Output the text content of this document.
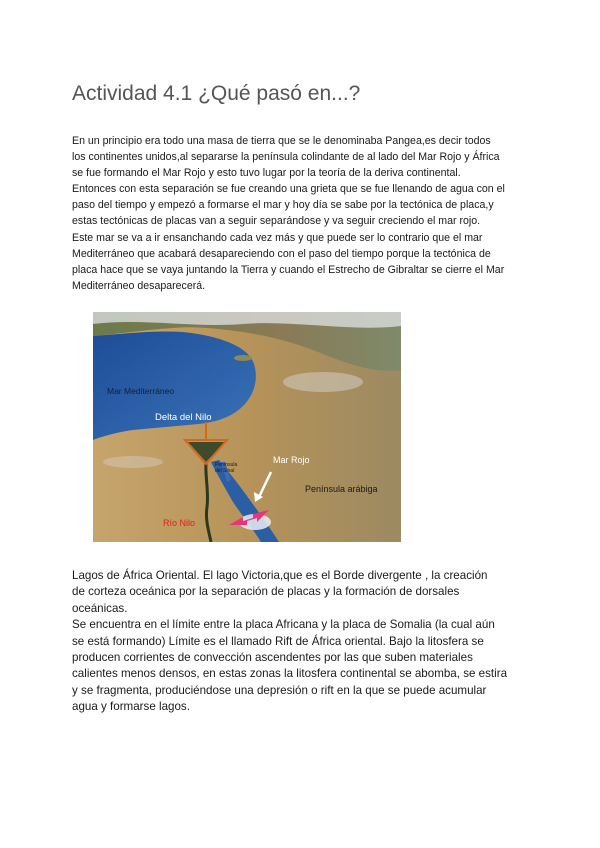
Actividad 4.1 ¿Qué pasó en...?
En un principio era todo una masa de tierra que se le denominaba Pangea,es decir todos
los continentes unidos,al separarse la península colindante de al lado del Mar Rojo y África
se fue formando el Mar Rojo y esto tuvo lugar por la teoría de la deriva continental.
Entonces con esta separación se fue creando una grieta que se fue llenando de agua con el
paso del tiempo y empezó a formarse el mar y hoy día se sabe por la tectónica de placa,y
estas tectónicas de placas van a seguir separándose y va seguir creciendo el mar rojo.
Este mar se va a ir ensanchando cada vez más y que puede ser lo contrario que el mar
Mediterráneo que acabará desapareciendo con el paso del tiempo porque la tectónica de
placa hace que se vaya juntando la Tierra y cuando el Estrecho de Gibraltar se cierre el Mar
Mediterráneo desaparecerá.
Mar Mediterráneo
Delta del Nilo
Península del Sinaí
Mar Rojo
Península arábiga
Río Nilo
Lagos de África Oriental. El lago Victoria,que es el Borde divergente , la creación
de corteza oceánica por la separación de placas y la formación de dorsales
oceánicas.
Se encuentra en el límite entre la placa Africana y la placa de Somalia (la cual aún
se está formando) Límite es el llamado Rift de África oriental. Bajo la litosfera se
producen corrientes de convección ascendentes por las que suben materiales
calientes menos densos, en estas zonas la litosfera continental se abomba, se estira
y se fragmenta, produciéndose una depresión o rift en la que se puede acumular
agua y formarse lagos.
